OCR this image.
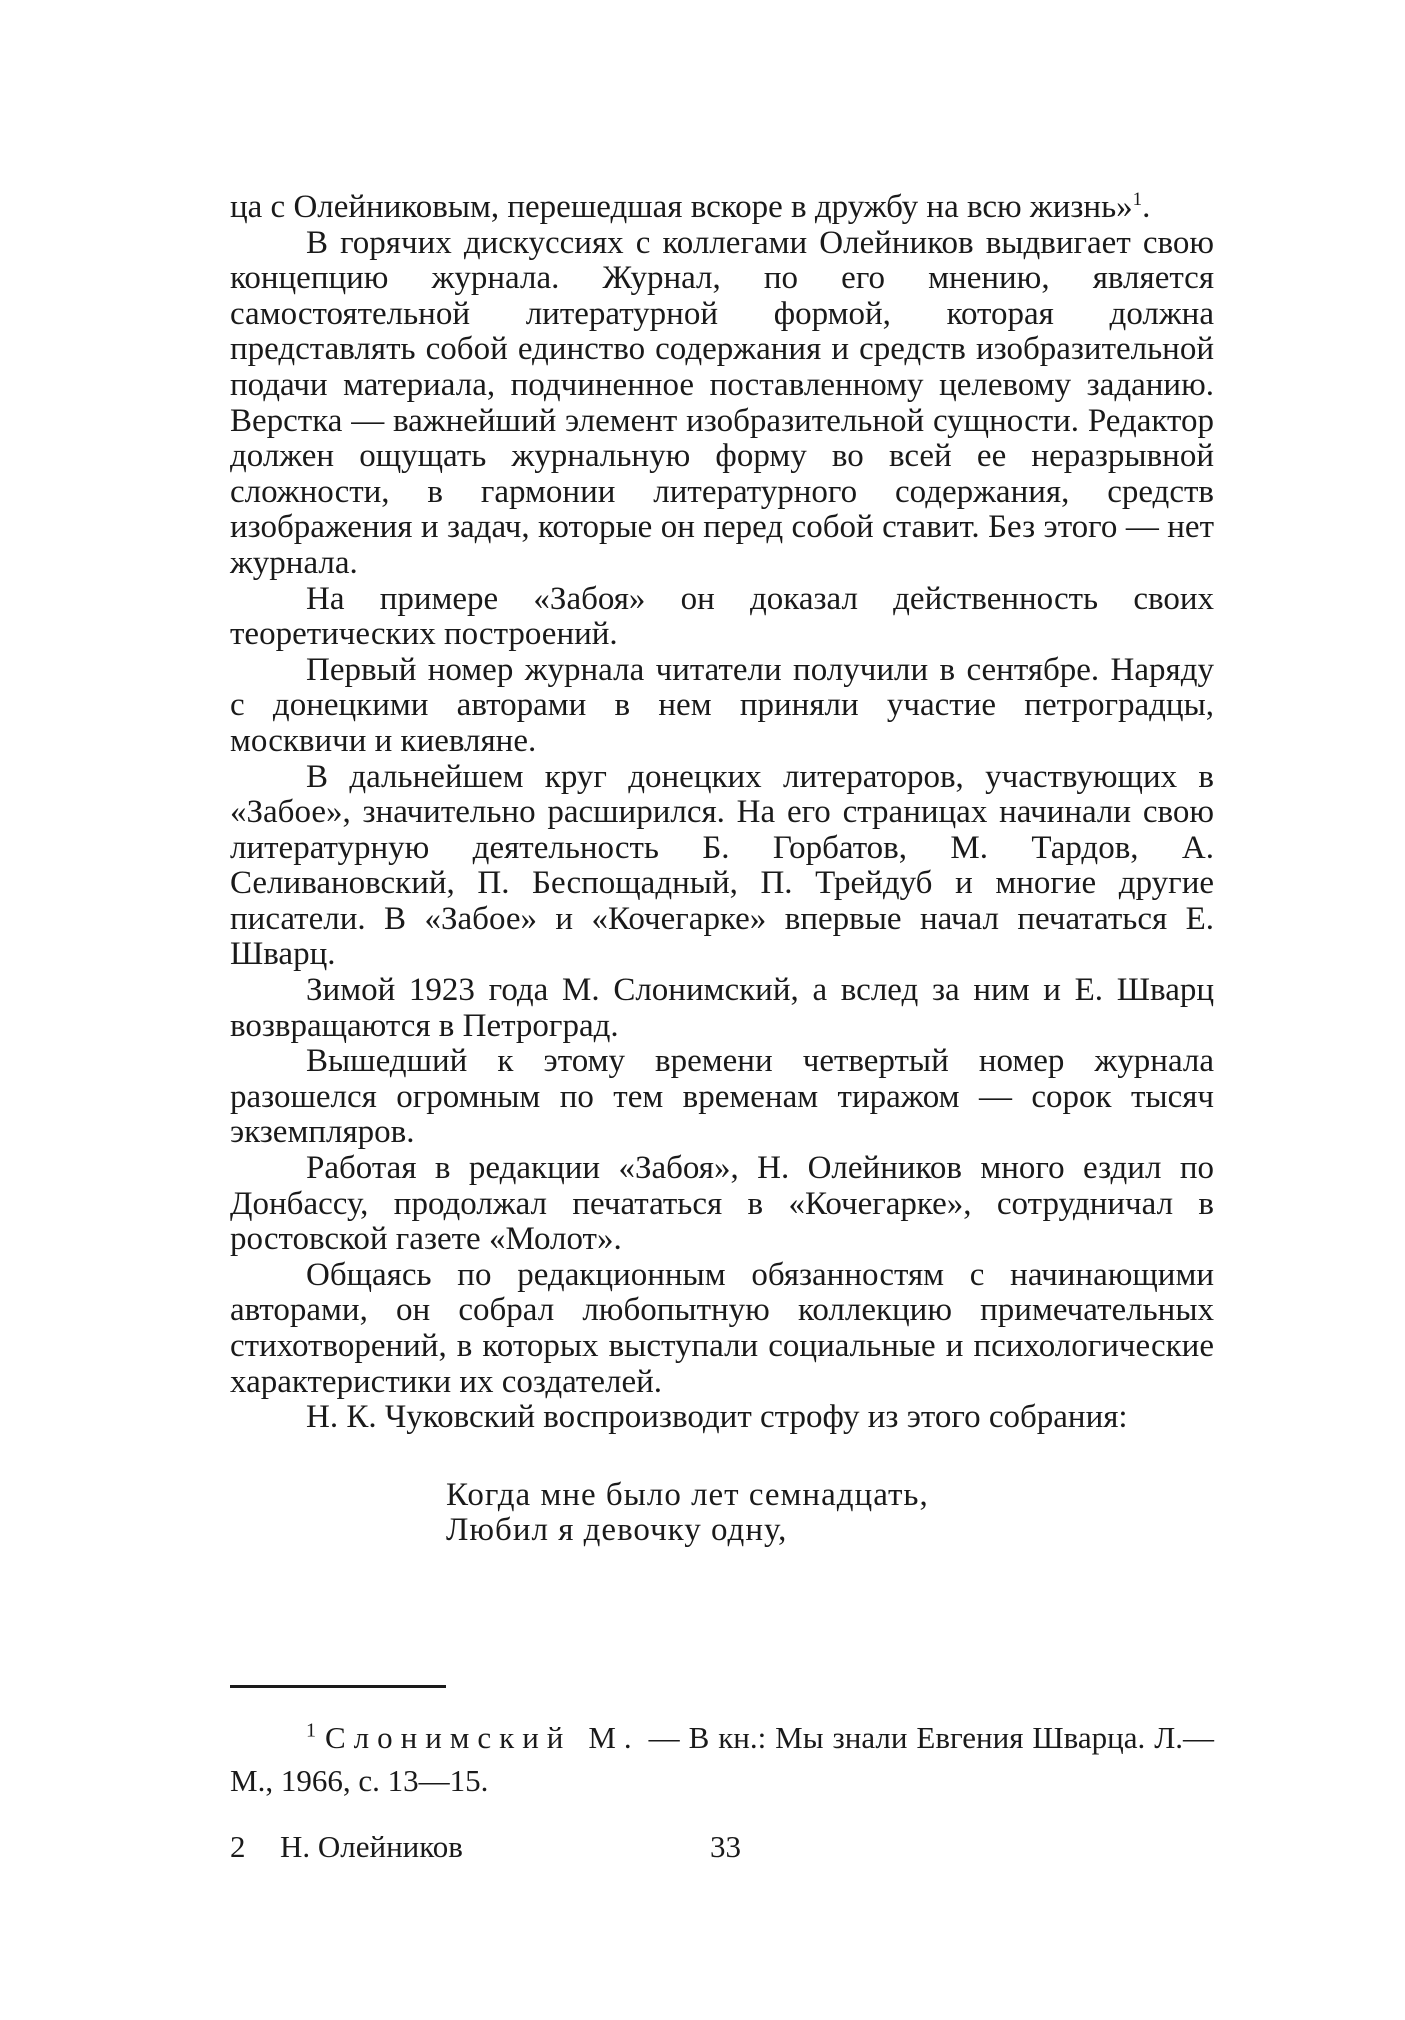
ца с Олейниковым, перешедшая вскоре в дружбу на всю жизнь»$^1$.

В горячих дискуссиях с коллегами Олейников выдвигает свою концепцию журнала. Журнал, по его мнению, является самостоятельной литературной формой, которая должна представлять собой единство содержания и средств изобразительной подачи материала, подчиненное поставленному целевому заданию. Верстка — важнейший элемент изобразительной сущности. Редактор должен ощущать журнальную форму во всей ее неразрывной сложности, в гармонии литературного содержания, средств изображения и задач, которые он перед собой ставит. Без этого — нет журнала.

На примере «Забоя» он доказал действенность своих теоретических построений.

Первый номер журнала читатели получили в сентябре. Наряду с донецкими авторами в нем приняли участие петроградцы, москвичи и киевляне.

В дальнейшем круг донецких литераторов, участвующих в «Забое», значительно расширился. На его страницах начинали свою литературную деятельность Б. Горбатов, М. Тардов, А. Селивановский, П. Беспощадный, П. Трейдуб и многие другие писатели. В «Забое» и «Кочегарке» впервые начал печататься Е. Шварц.

Зимой 1923 года М. Слонимский, а вслед за ним и Е. Шварц возвращаются в Петроград.

Вышедший к этому времени четвертый номер журнала разошелся огромным по тем временам тиражом — сорок тысяч экземпляров.

Работая в редакции «Забоя», Н. Олейников много ездил по Донбассу, продолжал печататься в «Кочегарке», сотрудничал в ростовской газете «Молот».

Общаясь по редакционным обязанностям с начинающими авторами, он собрал любопытную коллекцию примечательных стихотворений, в которых выступали социальные и психологические характеристики их создателей.

Н. К. Чуковский воспроизводит строфу из этого собрания:

Когда мне было лет семнадцать,
Любил я девочку одну,
$^1$ Слонимский М. — В кн.: Мы знали Евгения Шварца. Л.—М., 1966, с. 13—15.
2 Н. Олейников	33
